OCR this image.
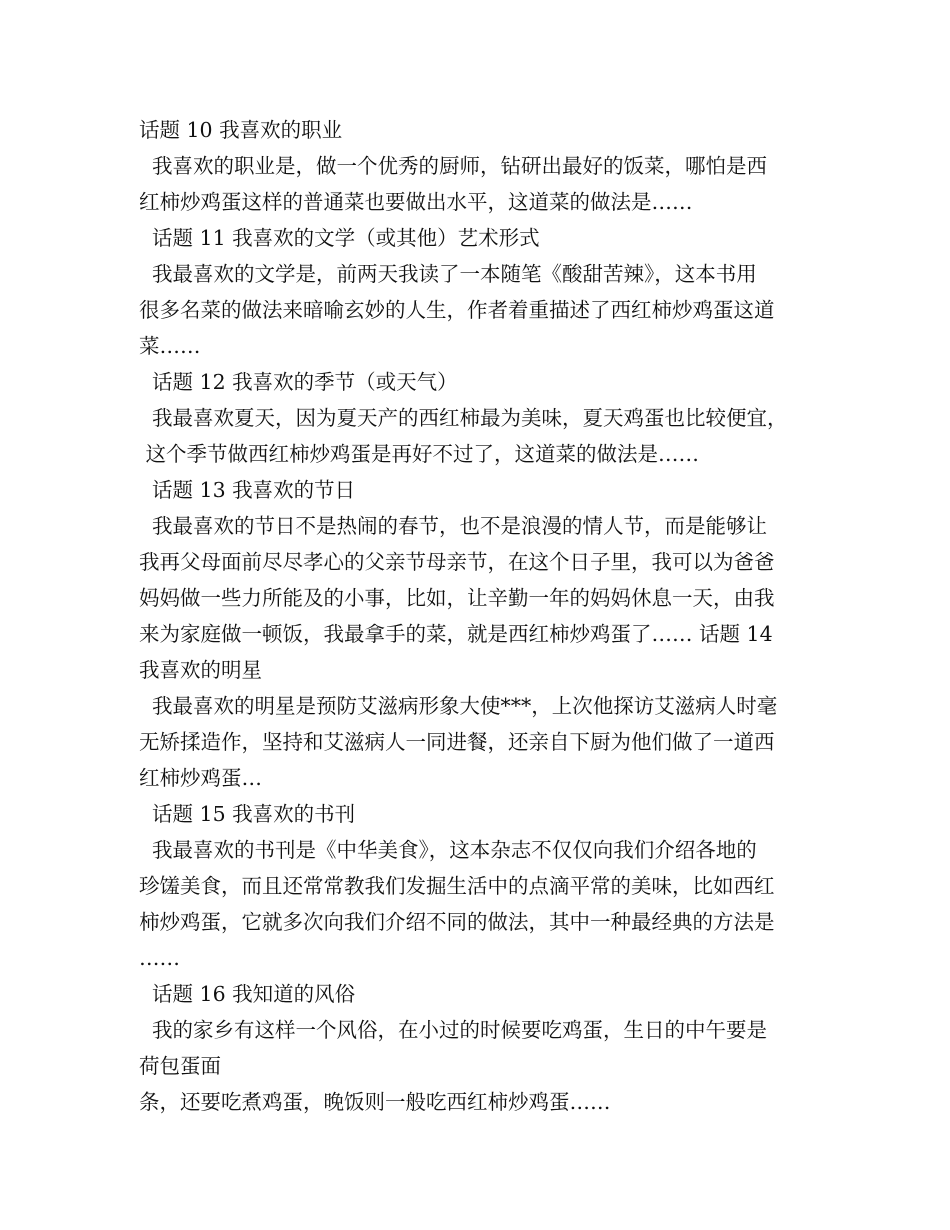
话题 10 我喜欢的职业

我喜欢的职业是，做一个优秀的厨师，钻研出最好的饭菜，哪怕是西

红柿炒鸡蛋这样的普通菜也要做出水平，这道菜的做法是……

话题 11 我喜欢的文学（或其他）艺术形式

我最喜欢的文学是，前两天我读了一本随笔《酸甜苦辣》，这本书用

很多名菜的做法来暗喻玄妙的人生，作者着重描述了西红柿炒鸡蛋这道

菜……

话题 12 我喜欢的季节（或天气）

我最喜欢夏天，因为夏天产的西红柿最为美味，夏天鸡蛋也比较便宜，

这个季节做西红柿炒鸡蛋是再好不过了，这道菜的做法是……

话题 13 我喜欢的节日

我最喜欢的节日不是热闹的春节，也不是浪漫的情人节，而是能够让

我再父母面前尽尽孝心的父亲节母亲节，在这个日子里，我可以为爸爸

妈妈做一些力所能及的小事，比如，让辛勤一年的妈妈休息一天，由我

来为家庭做一顿饭，我最拿手的菜，就是西红柿炒鸡蛋了…… 话题 14

我喜欢的明星

我最喜欢的明星是预防艾滋病形象大使***，上次他探访艾滋病人时毫

无矫揉造作，坚持和艾滋病人一同进餐，还亲自下厨为他们做了一道西

红柿炒鸡蛋…

话题 15 我喜欢的书刊

我最喜欢的书刊是《中华美食》，这本杂志不仅仅向我们介绍各地的

珍馐美食，而且还常常教我们发掘生活中的点滴平常的美味，比如西红

柿炒鸡蛋，它就多次向我们介绍不同的做法，其中一种最经典的方法是

……

话题 16 我知道的风俗

我的家乡有这样一个风俗，在小过的时候要吃鸡蛋，生日的中午要是

荷包蛋面

条，还要吃煮鸡蛋，晚饭则一般吃西红柿炒鸡蛋……
